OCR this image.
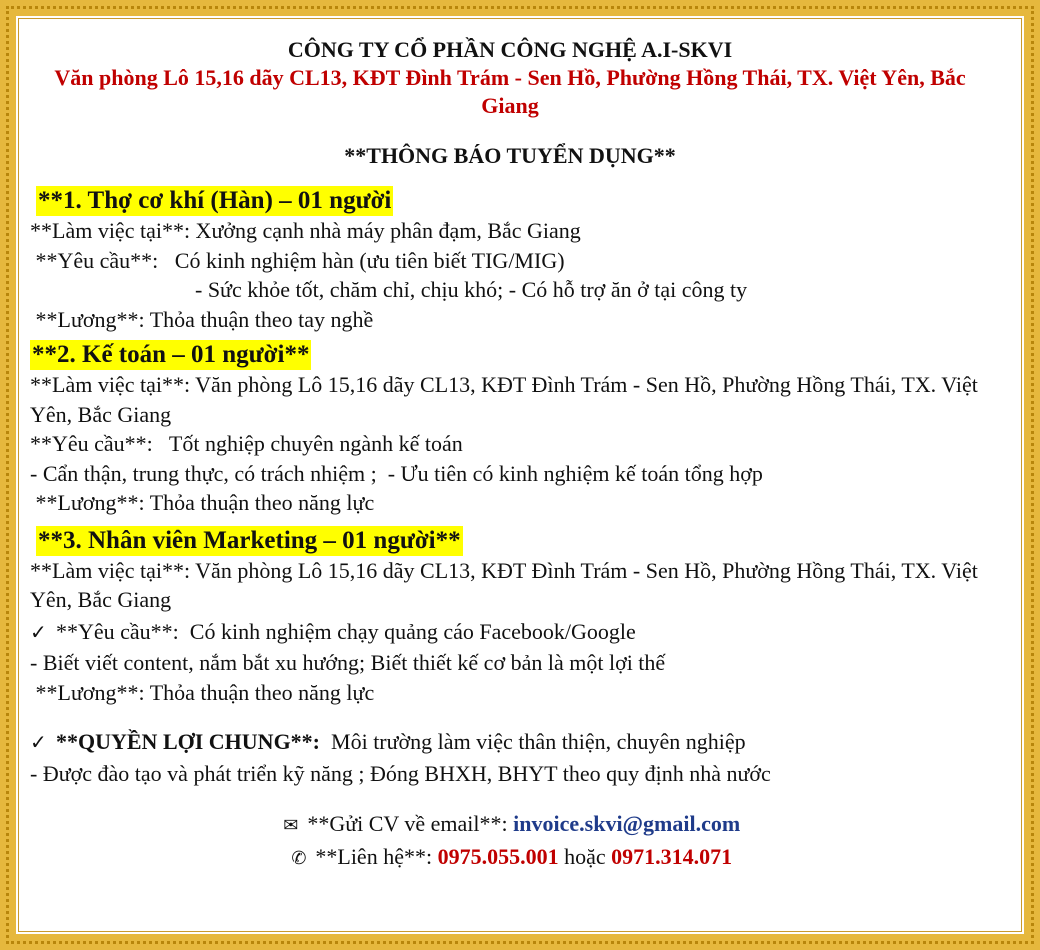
CÔNG TY CỔ PHẦN CÔNG NGHỆ A.I-SKVI
Văn phòng Lô 15,16 dãy CL13, KĐT Đình Trám - Sen Hồ, Phường Hồng Thái, TX. Việt Yên, Bắc Giang
**THÔNG BÁO TUYỂN DỤNG**
**1. Thợ cơ khí (Hàn) – 01 người
**Làm việc tại**: Xưởng cạnh nhà máy phân đạm, Bắc Giang
**Yêu cầu**:   Có kinh nghiệm hàn (ưu tiên biết TIG/MIG)
- Sức khỏe tốt, chăm chỉ, chịu khó; - Có hỗ trợ ăn ở tại công ty
**Lương**: Thỏa thuận theo tay nghề
**2. Kế toán – 01 người**
**Làm việc tại**: Văn phòng Lô 15,16 dãy CL13, KĐT Đình Trám - Sen Hồ, Phường Hồng Thái, TX. Việt Yên, Bắc Giang
**Yêu cầu**:   Tốt nghiệp chuyên ngành kế toán
- Cẩn thận, trung thực, có trách nhiệm ;  - Ưu tiên có kinh nghiệm kế toán tổng hợp
**Lương**: Thỏa thuận theo năng lực
**3. Nhân viên Marketing – 01 người**
**Làm việc tại**: Văn phòng Lô 15,16 dãy CL13, KĐT Đình Trám - Sen Hồ, Phường Hồng Thái, TX. Việt Yên, Bắc Giang
✓ **Yêu cầu**:  Có kinh nghiệm chạy quảng cáo Facebook/Google
- Biết viết content, nắm bắt xu hướng; Biết thiết kế cơ bản là một lợi thế
**Lương**: Thỏa thuận theo năng lực
✓ **QUYỀN LỢI CHUNG**: Môi trường làm việc thân thiện, chuyên nghiệp
- Được đào tạo và phát triển kỹ năng ; Đóng BHXH, BHYT theo quy định nhà nước
✉ **Gửi CV về email**: invoice.skvi@gmail.com
✆ **Liên hệ**: 0975.055.001 hoặc 0971.314.071
